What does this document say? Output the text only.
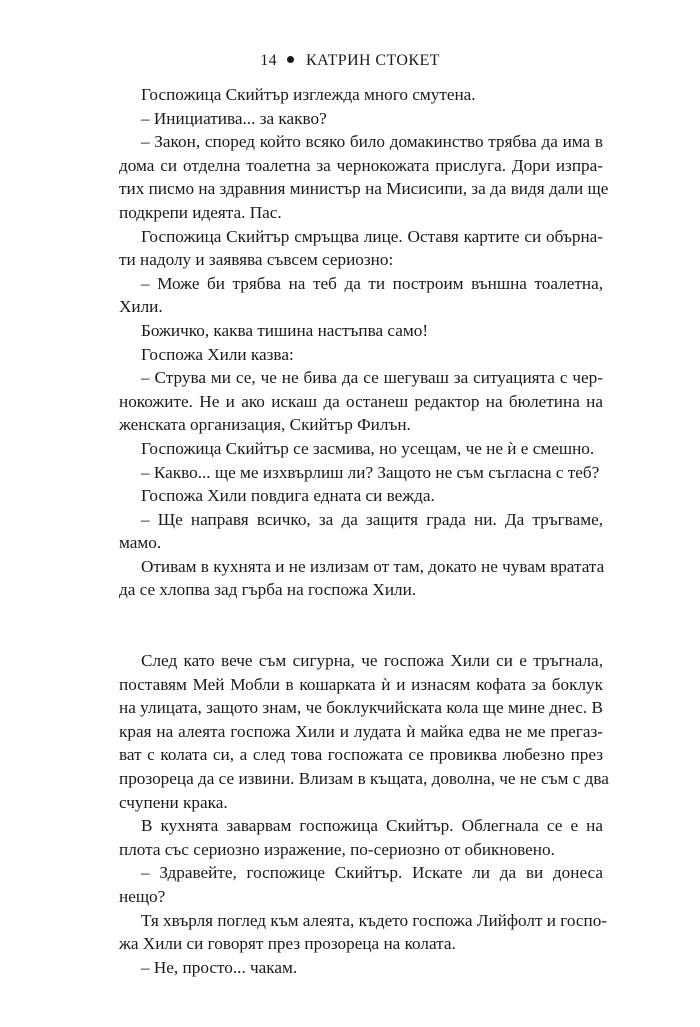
14 КАТРИН СТОКЕТ
Госпожица Скийтър изглежда много смутена.
– Инициатива... за какво?
– Закон, според който всяко било домакинство трябва да има в
дома си отделна тоалетна за чернокожата прислуга. Дори изпра-
тих писмо на здравния министър на Мисисипи, за да видя дали ще
подкрепи идеята. Пас.
Госпожица Скийтър смръщва лице. Оставя картите си обърна-
ти надолу и заявява съвсем сериозно:
– Може би трябва на теб да ти построим външна тоалетна,
Хили.
Божичко, каква тишина настъпва само!
Госпожа Хили казва:
– Струва ми се, че не бива да се шегуваш за ситуацията с чер-
нокожите. Не и ако искаш да останеш редактор на бюлетина на
женската организация, Скийтър Филън.
Госпожица Скийтър се засмива, но усещам, че не ѝ е смешно.
– Какво... ще ме изхвърлиш ли? Защото не съм съгласна с теб?
Госпожа Хили повдига едната си вежда.
– Ще направя всичко, за да защитя града ни. Да тръгваме,
мамо.
Отивам в кухнята и не излизам от там, докато не чувам вратата
да се хлопва зад гърба на госпожа Хили.
След като вече съм сигурна, че госпожа Хили си е тръгнала,
поставям Мей Мобли в кошарката ѝ и изнасям кофата за боклук
на улицата, защото знам, че боклукчийската кола ще мине днес. В
края на алеята госпожа Хили и лудата ѝ майка едва не ме прегаз-
ват с колата си, а след това госпожата се провиква любезно през
прозореца да се извини. Влизам в къщата, доволна, че не съм с два
счупени крака.
В кухнята заварвам госпожица Скийтър. Облегнала се е на
плота със сериозно изражение, по-сериозно от обикновено.
– Здравейте, госпожице Скийтър. Искате ли да ви донеса
нещо?
Тя хвърля поглед към алеята, където госпожа Лийфолт и госпо-
жа Хили си говорят през прозореца на колата.
– Не, просто... чакам.
